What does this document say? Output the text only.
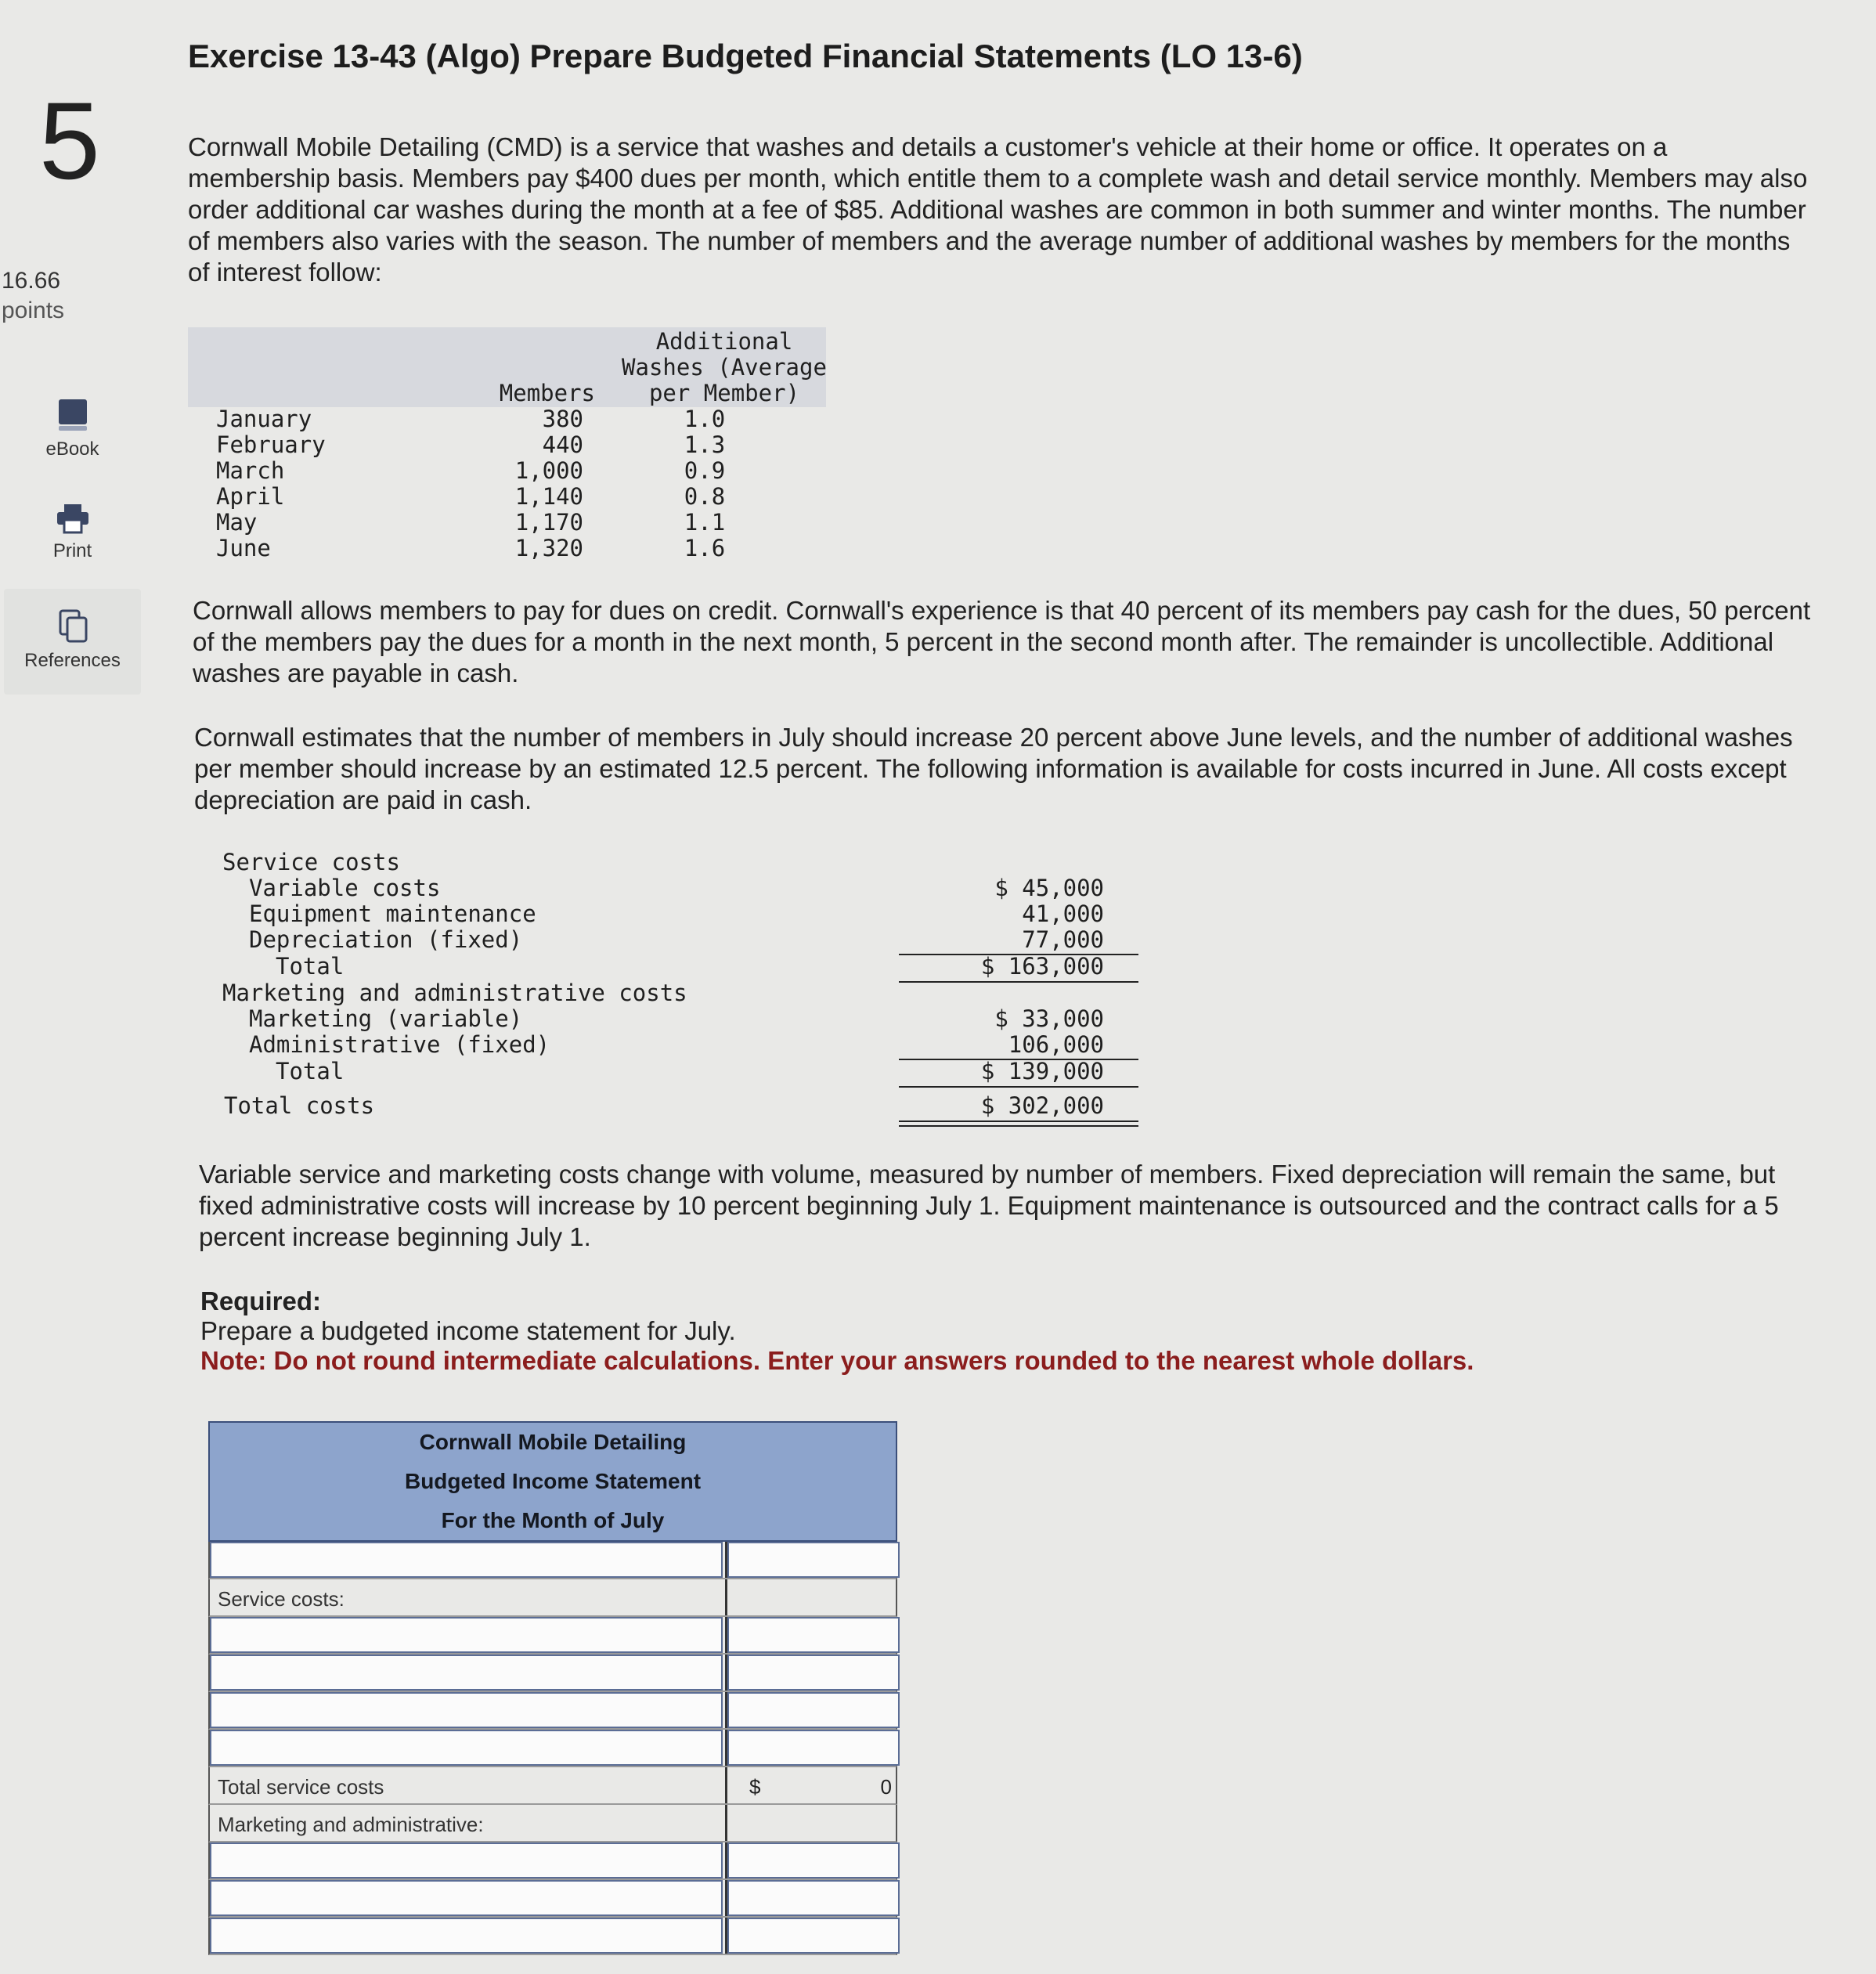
5
16.66
points
eBook
Print
References
Exercise 13-43 (Algo) Prepare Budgeted Financial Statements (LO 13-6)
Cornwall Mobile Detailing (CMD) is a service that washes and details a customer's vehicle at their home or office. It operates on a membership basis. Members pay $400 dues per month, which entitle them to a complete wash and detail service monthly. Members may also order additional car washes during the month at a fee of $85. Additional washes are common in both summer and winter months. The number of members also varies with the season. The number of members and the average number of additional washes by members for the months of interest follow:
Additional
Washes (Average
per Member)
Members
January	380	1.0
February	440	1.3
March	1,000	0.9
April	1,140	0.8
May	1,170	1.1
June	1,320	1.6
Cornwall allows members to pay for dues on credit. Cornwall's experience is that 40 percent of its members pay cash for the dues, 50 percent of the members pay the dues for a month in the next month, 5 percent in the second month after. The remainder is uncollectible. Additional washes are payable in cash.
Cornwall estimates that the number of members in July should increase 20 percent above June levels, and the number of additional washes per member should increase by an estimated 12.5 percent. The following information is available for costs incurred in June. All costs except depreciation are paid in cash.
Service costs
Variable costs	$ 45,000
Equipment maintenance	41,000
Depreciation (fixed)	77,000
Total	$ 163,000
Marketing and administrative costs
Marketing (variable)	$ 33,000
Administrative (fixed)	106,000
Total	$ 139,000
Total costs	$ 302,000
Variable service and marketing costs change with volume, measured by number of members. Fixed depreciation will remain the same, but fixed administrative costs will increase by 10 percent beginning July 1. Equipment maintenance is outsourced and the contract calls for a 5 percent increase beginning July 1.
Required:
Prepare a budgeted income statement for July.
Note: Do not round intermediate calculations. Enter your answers rounded to the nearest whole dollars.
Cornwall Mobile Detailing
Budgeted Income Statement
For the Month of July
Service costs:
Total service costs	$	0
Marketing and administrative:
